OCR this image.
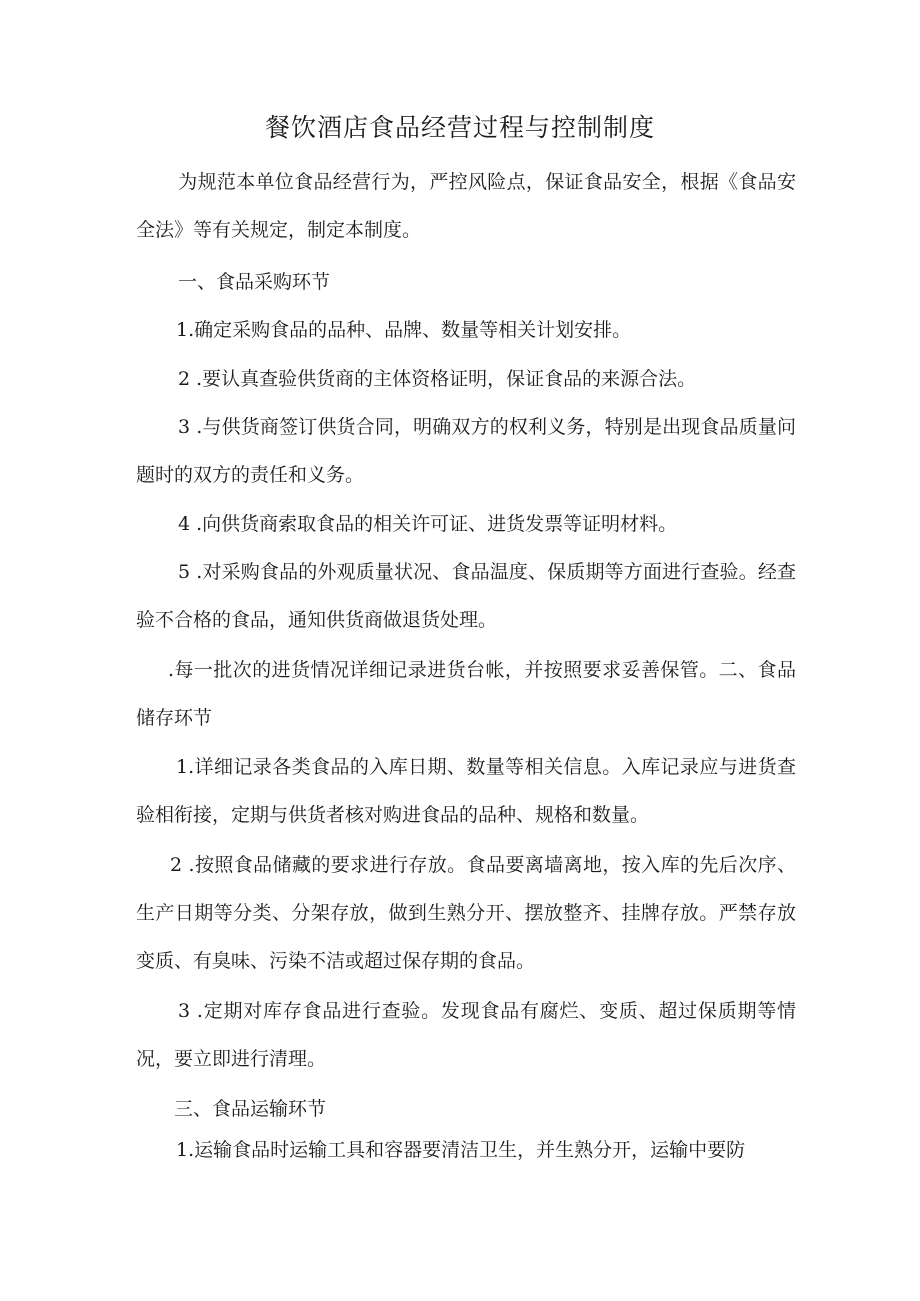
餐饮酒店食品经营过程与控制制度

为规范本单位食品经营行为，严控风险点，保证食品安全，根据《食品安全法》等有关规定，制定本制度。

一、食品采购环节

1.确定采购食品的品种、品牌、数量等相关计划安排。

2 .要认真查验供货商的主体资格证明，保证食品的来源合法。

3 .与供货商签订供货合同，明确双方的权利义务，特别是出现食品质量问题时的双方的责任和义务。

4 .向供货商索取食品的相关许可证、进货发票等证明材料。

5 .对采购食品的外观质量状况、食品温度、保质期等方面进行查验。经查验不合格的食品，通知供货商做退货处理。

.每一批次的进货情况详细记录进货台帐，并按照要求妥善保管。二、食品储存环节

1.详细记录各类食品的入库日期、数量等相关信息。入库记录应与进货查验相衔接，定期与供货者核对购进食品的品种、规格和数量。

2 .按照食品储藏的要求进行存放。食品要离墙离地，按入库的先后次序、生产日期等分类、分架存放，做到生熟分开、摆放整齐、挂牌存放。严禁存放变质、有臭味、污染不洁或超过保存期的食品。

3 .定期对库存食品进行查验。发现食品有腐烂、变质、超过保质期等情况，要立即进行清理。

三、食品运输环节

1.运输食品时运输工具和容器要清洁卫生，并生熟分开，运输中要防
